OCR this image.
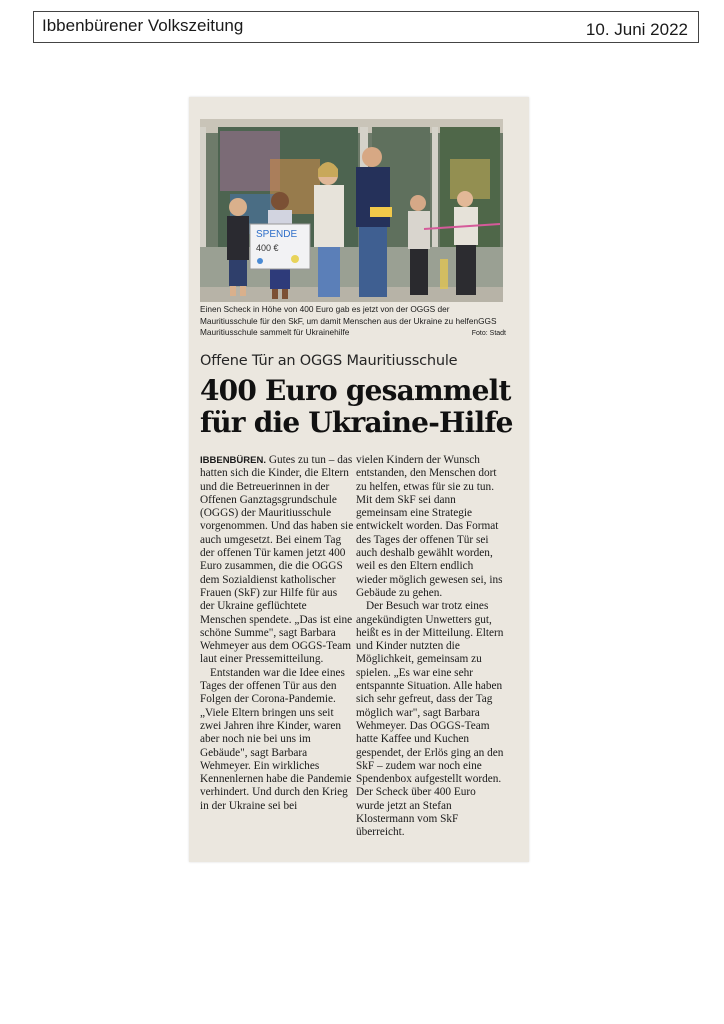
Ibbenbürener Volkszeitung	10. Juni 2022
SPENDE
400 €
Einen Scheck in Höhe von 400 Euro gab es jetzt von der OGGS der Mauritiusschule für den SkF, um damit Menschen aus der Ukraine zu helfenGGS Mauritiusschule sammelt für Ukrainehilfe	Foto: Stadt
Offene Tür an OGGS Mauritiusschule
400 Euro gesammelt
für die Ukraine-Hilfe

IBBENBÜREN. Gutes zu tun – das hatten sich die Kinder, die Eltern und die Betreuerinnen in der Offenen Ganztagsgrundschule (OGGS) der Mauritiusschule vorgenommen. Und das haben sie auch umgesetzt. Bei einem Tag der offenen Tür kamen jetzt 400 Euro zusammen, die die OGGS dem Sozialdienst katholischer Frauen (SkF) zur Hilfe für aus der Ukraine geflüchtete Menschen spendete. „Das ist eine schöne Summe", sagt Barbara Wehmeyer aus dem OGGS-Team laut einer Pressemitteilung.

Entstanden war die Idee eines Tages der offenen Tür aus den Folgen der Corona-Pandemie. „Viele Eltern bringen uns seit zwei Jahren ihre Kinder, waren aber noch nie bei uns im Gebäude", sagt Barbara Wehmeyer. Ein wirkliches Kennenlernen habe die Pandemie verhindert. Und durch den Krieg in der Ukraine sei bei

vielen Kindern der Wunsch entstanden, den Menschen dort zu helfen, etwas für sie zu tun. Mit dem SkF sei dann gemeinsam eine Strategie entwickelt worden. Das Format des Tages der offenen Tür sei auch deshalb gewählt worden, weil es den Eltern endlich wieder möglich gewesen sei, ins Gebäude zu gehen.

Der Besuch war trotz eines angekündigten Unwetters gut, heißt es in der Mitteilung. Eltern und Kinder nutzten die Möglichkeit, gemeinsam zu spielen. „Es war eine sehr entspannte Situation. Alle haben sich sehr gefreut, dass der Tag möglich war", sagt Barbara Wehmeyer. Das OGGS-Team hatte Kaffee und Kuchen gespendet, der Erlös ging an den SkF – zudem war noch eine Spendenbox aufgestellt worden. Der Scheck über 400 Euro wurde jetzt an Stefan Klostermann vom SkF überreicht.
